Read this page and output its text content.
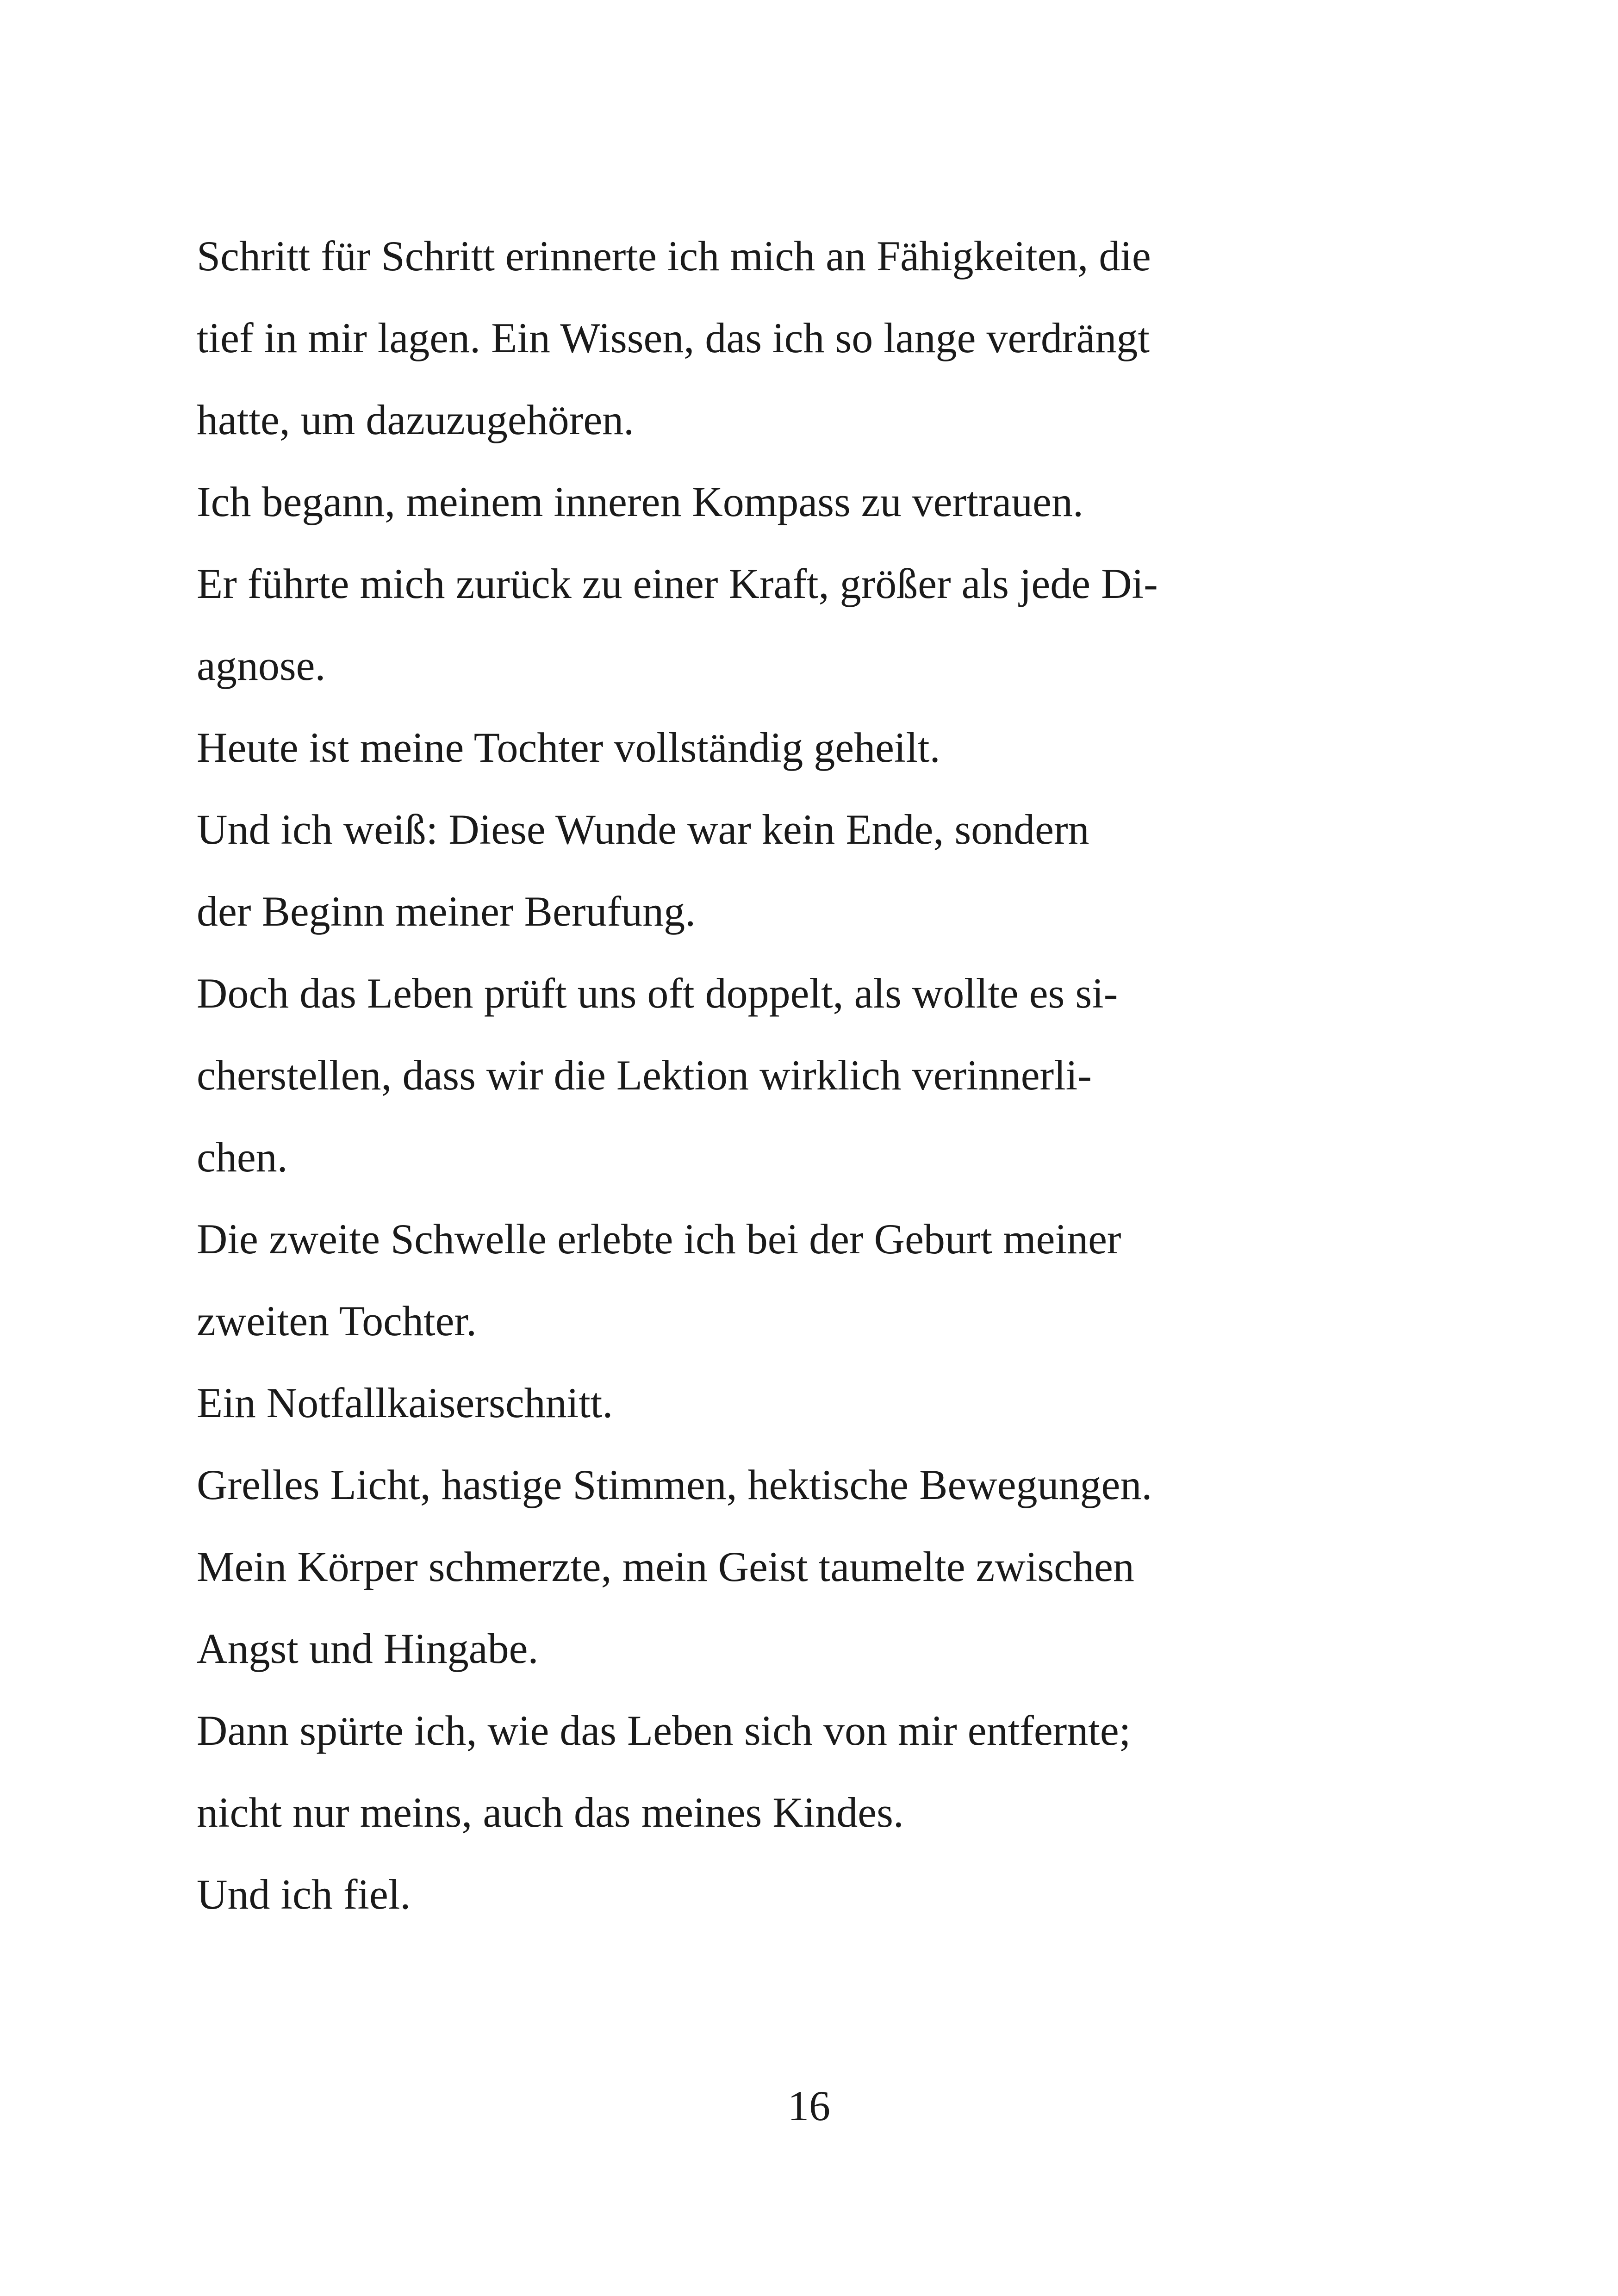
Schritt für Schritt erinnerte ich mich an Fähigkeiten, die
tief in mir lagen. Ein Wissen, das ich so lange verdrängt
hatte, um dazuzugehören.
Ich begann, meinem inneren Kompass zu vertrauen.
Er führte mich zurück zu einer Kraft, größer als jede Di-
agnose.
Heute ist meine Tochter vollständig geheilt.
Und ich weiß: Diese Wunde war kein Ende, sondern
der Beginn meiner Berufung.
Doch das Leben prüft uns oft doppelt, als wollte es si-
cherstellen, dass wir die Lektion wirklich verinnerli-
chen.
Die zweite Schwelle erlebte ich bei der Geburt meiner
zweiten Tochter.
Ein Notfallkaiserschnitt.
Grelles Licht, hastige Stimmen, hektische Bewegungen.
Mein Körper schmerzte, mein Geist taumelte zwischen
Angst und Hingabe.
Dann spürte ich, wie das Leben sich von mir entfernte;
nicht nur meins, auch das meines Kindes.
Und ich fiel.
16
